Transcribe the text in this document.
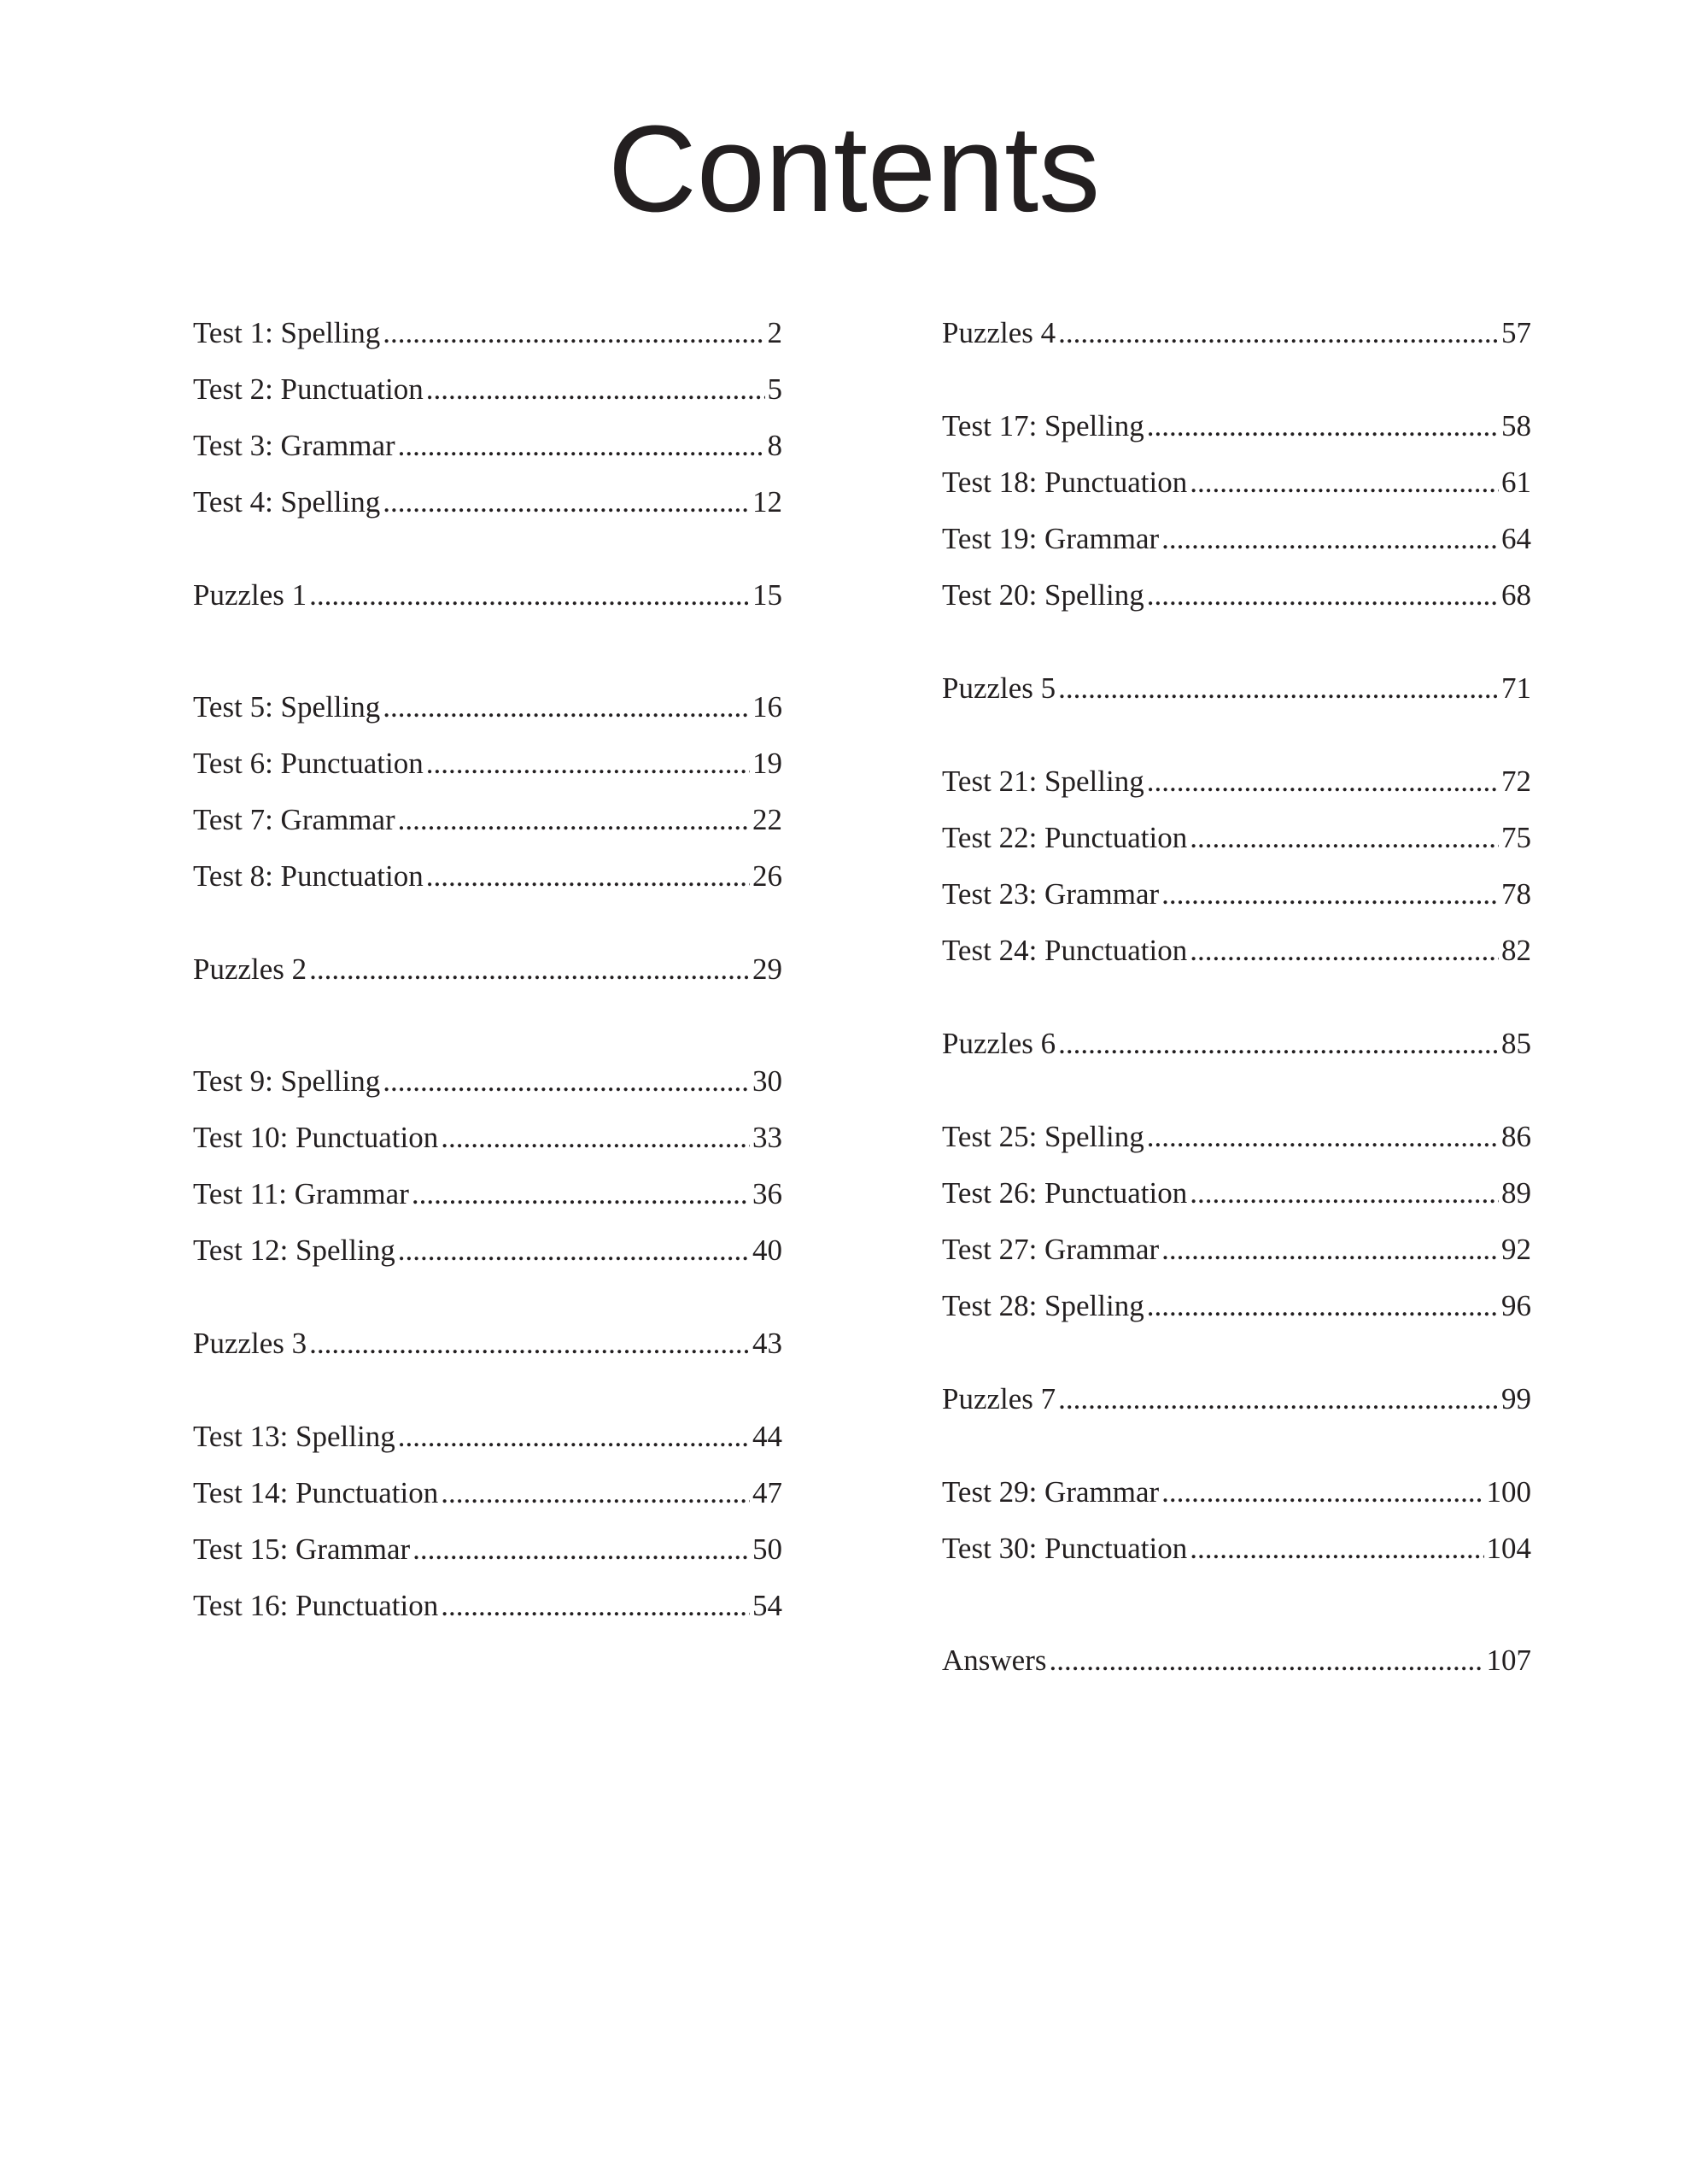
Contents
Test 1: Spelling .....	2
Test 2: Punctuation .....	5
Test 3: Grammar .....	8
Test 4: Spelling .....	12
Puzzles 1 .....	15
Test 5: Spelling .....	16
Test 6: Punctuation .....	19
Test 7: Grammar .....	22
Test 8: Punctuation .....	26
Puzzles 2 .....	29
Test 9: Spelling .....	30
Test 10: Punctuation .....	33
Test 11: Grammar .....	36
Test 12: Spelling .....	40
Puzzles 3 .....	43
Test 13: Spelling .....	44
Test 14: Punctuation .....	47
Test 15: Grammar .....	50
Test 16: Punctuation .....	54
Puzzles 4 .....	57
Test 17: Spelling .....	58
Test 18: Punctuation .....	61
Test 19: Grammar .....	64
Test 20: Spelling .....	68
Puzzles 5 .....	71
Test 21: Spelling .....	72
Test 22: Punctuation .....	75
Test 23: Grammar .....	78
Test 24: Punctuation .....	82
Puzzles 6 .....	85
Test 25: Spelling .....	86
Test 26: Punctuation .....	89
Test 27: Grammar .....	92
Test 28: Spelling .....	96
Puzzles 7 .....	99
Test 29: Grammar .....	100
Test 30: Punctuation .....	104
Answers .....	107
